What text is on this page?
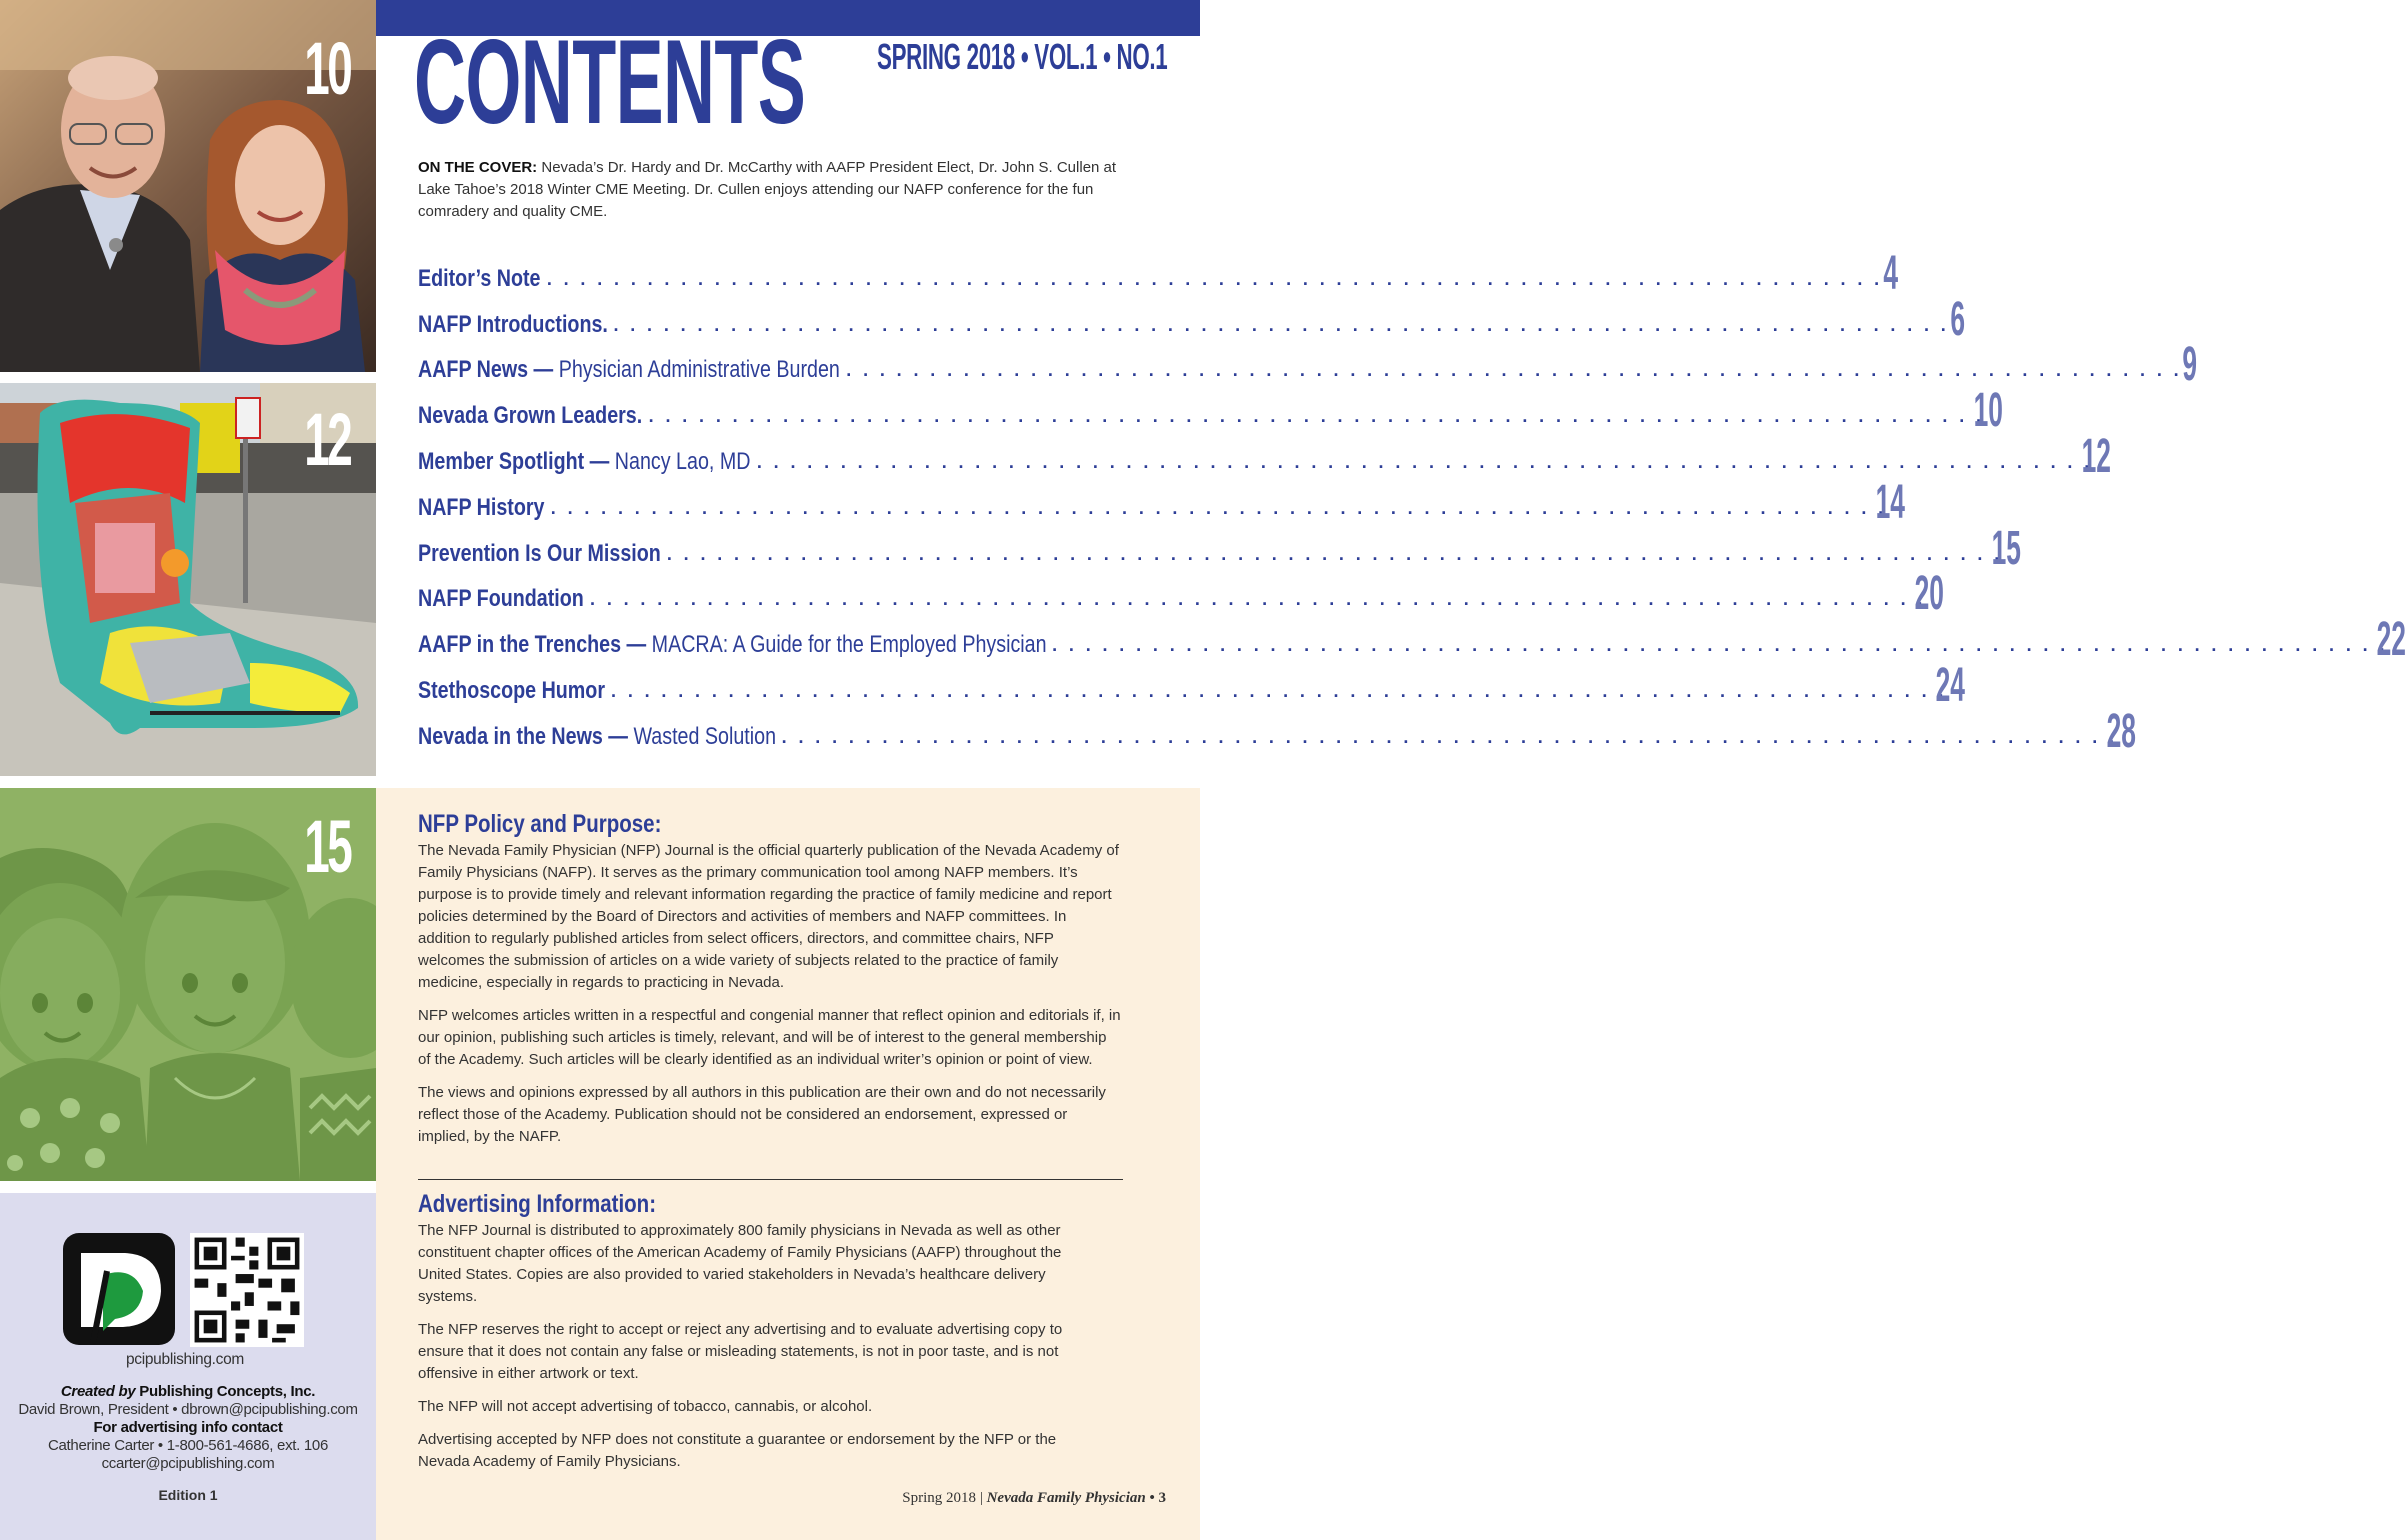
10
12
15
pcipublishing.com
Created by Publishing Concepts, Inc.
David Brown, President • dbrown@pcipublishing.com
For advertising info contact
Catherine Carter • 1-800-561-4686, ext. 106
ccarter@pcipublishing.com
Edition 1
CONTENTS SPRING 2018 • VOL.1 • NO.1
ON THE COVER: Nevada’s Dr. Hardy and Dr. McCarthy with AAFP President Elect, Dr. John S. Cullen at Lake Tahoe’s 2018 Winter CME Meeting. Dr. Cullen enjoys attending our NAFP conference for the fun comradery and quality CME.
Editor’s Note . . . . . . . . . . . . . . . . . . . . . . . . . . . . . . . . . . . . . . . . . . . . . . . . . . . . . . . . . . . . . . . . . . . . . . . . . . . . . . . . 4
NAFP Introductions. . . . . . . . . . . . . . . . . . . . . . . . . . . . . . . . . . . . . . . . . . . . . . . . . . . . . . . . . . . . . . . . . . . . . . . . . . . . . . . . . 6
AAFP News — Physician Administrative Burden . . . . . . . . . . . . . . . . . . . . . . . . . . . . . . . . . . . . . . . . . . . . . . . . . . . . . . . . . . . . . . . . . . . . . . . . . . . . . . . . 9
Nevada Grown Leaders. . . . . . . . . . . . . . . . . . . . . . . . . . . . . . . . . . . . . . . . . . . . . . . . . . . . . . . . . . . . . . . . . . . . . . . . . . . . . . . . .
10
Member Spotlight — Nancy Lao, MD . . . . . . . . . . . . . . . . . . . . . . . . . . . . . . . . . . . . . . . . . . . . . . . . . . . . . . . . . . . . . . . . . . . . . . . . . . . . . . . .
12
NAFP History . . . . . . . . . . . . . . . . . . . . . . . . . . . . . . . . . . . . . . . . . . . . . . . . . . . . . . . . . . . . . . . . . . . . . . . . . . . . . . . .
14
Prevention Is Our Mission . . . . . . . . . . . . . . . . . . . . . . . . . . . . . . . . . . . . . . . . . . . . . . . . . . . . . . . . . . . . . . . . . . . . . . . . . . . . . . . .
15
NAFP Foundation . . . . . . . . . . . . . . . . . . . . . . . . . . . . . . . . . . . . . . . . . . . . . . . . . . . . . . . . . . . . . . . . . . . . . . . . . . . . . . . .
20
AAFP in the Trenches — MACRA: A Guide for the Employed Physician . . . . . . . . . . . . . . . . . . . . . . . . . . . . . . . . . . . . . . . . . . . . . . . . . . . . . . . . . . . . . . . . . . . . . . . . . . . . . . . .
22
Stethoscope Humor . . . . . . . . . . . . . . . . . . . . . . . . . . . . . . . . . . . . . . . . . . . . . . . . . . . . . . . . . . . . . . . . . . . . . . . . . . . . . . . .
24
Nevada in the News — Wasted Solution . . . . . . . . . . . . . . . . . . . . . . . . . . . . . . . . . . . . . . . . . . . . . . . . . . . . . . . . . . . . . . . . . . . . . . . . . . . . . . . .
28
NFP Policy and Purpose:

The Nevada Family Physician (NFP) Journal is the official quarterly publication of the Nevada Academy of Family Physicians (NAFP). It serves as the primary communication tool among NAFP members. It’s purpose is to provide timely and relevant information regarding the practice of family medicine and report policies determined by the Board of Directors and activities of members and NAFP committees. In addition to regularly published articles from select officers, directors, and committee chairs, NFP welcomes the submission of articles on a wide variety of subjects related to the practice of family medicine, especially in regards to practicing in Nevada.

NFP welcomes articles written in a respectful and congenial manner that reflect opinion and editorials if, in our opinion, publishing such articles is timely, relevant, and will be of interest to the general membership of the Academy. Such articles will be clearly identified as an individual writer’s opinion or point of view.

The views and opinions expressed by all authors in this publication are their own and do not necessarily reflect those of the Academy. Publication should not be considered an endorsement, expressed or implied, by the NAFP.

Advertising Information:

The NFP Journal is distributed to approximately 800 family physicians in Nevada as well as other constituent chapter offices of the American Academy of Family Physicians (AAFP) throughout the United States. Copies are also provided to varied stakeholders in Nevada’s healthcare delivery systems.

The NFP reserves the right to accept or reject any advertising and to evaluate advertising copy to ensure that it does not contain any false or misleading statements, is not in poor taste, and is not offensive in either artwork or text.

The NFP will not accept advertising of tobacco, cannabis, or alcohol.

Advertising accepted by NFP does not constitute a guarantee or endorsement by the NFP or the Nevada Academy of Family Physicians.

Spring 2018 | Nevada Family Physician • 3
